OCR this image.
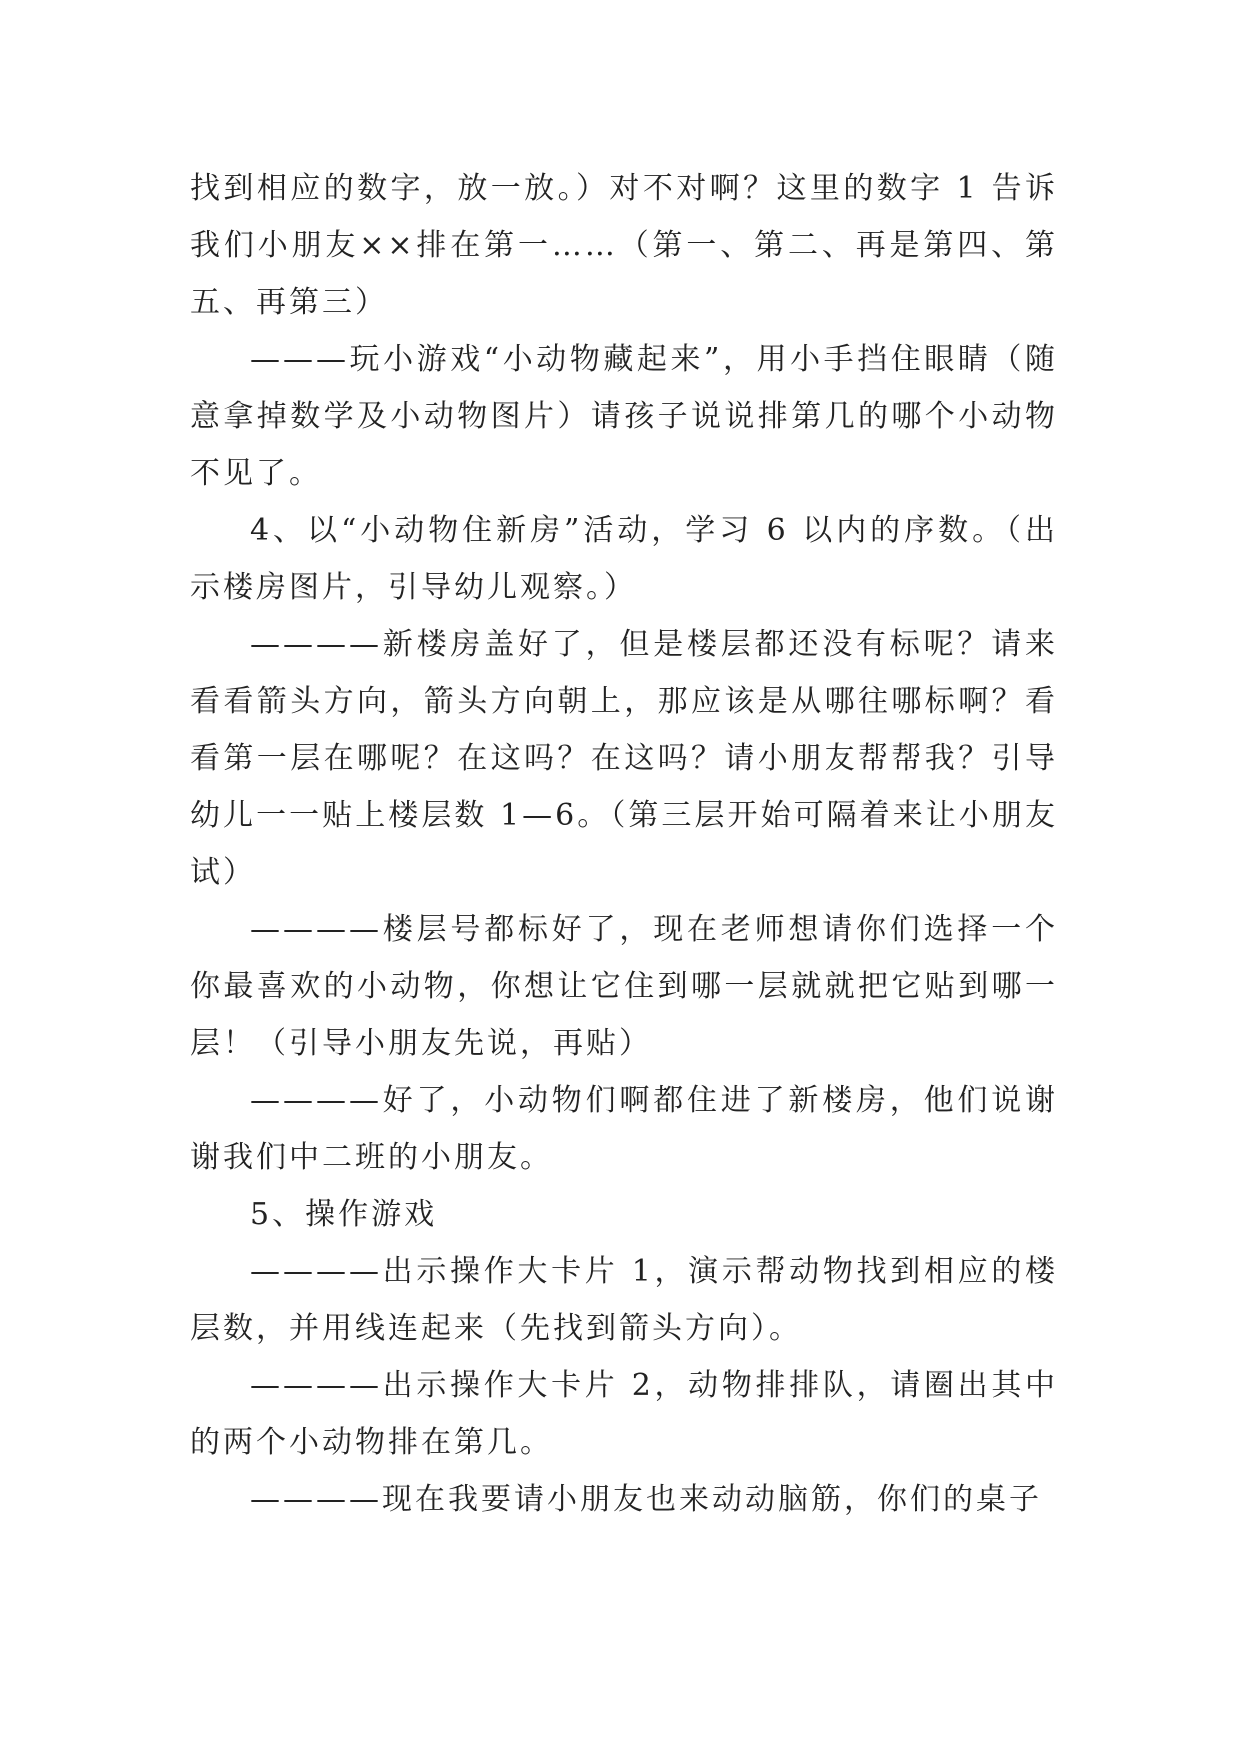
找到相应的数字，放一放。）对不对啊？这里的数字 1 告诉我们小朋友××排在第一……（第一、第二、再是第四、第五、再第三）

———玩小游戏“小动物藏起来”，用小手挡住眼睛（随意拿掉数学及小动物图片）请孩子说说排第几的哪个小动物不见了。

4、以“小动物住新房”活动，学习 6 以内的序数。（出示楼房图片，引导幼儿观察。）

————新楼房盖好了，但是楼层都还没有标呢？请来看看箭头方向，箭头方向朝上，那应该是从哪往哪标啊？看看第一层在哪呢？在这吗？在这吗？请小朋友帮帮我？引导幼儿一一贴上楼层数 1—6。（第三层开始可隔着来让小朋友试）

————楼层号都标好了，现在老师想请你们选择一个你最喜欢的小动物，你想让它住到哪一层就就把它贴到哪一层！（引导小朋友先说，再贴）

————好了，小动物们啊都住进了新楼房，他们说谢谢我们中二班的小朋友。

5、操作游戏

————出示操作大卡片 1，演示帮动物找到相应的楼层数，并用线连起来（先找到箭头方向）。

————出示操作大卡片 2，动物排排队，请圈出其中的两个小动物排在第几。

————现在我要请小朋友也来动动脑筋，你们的桌子
